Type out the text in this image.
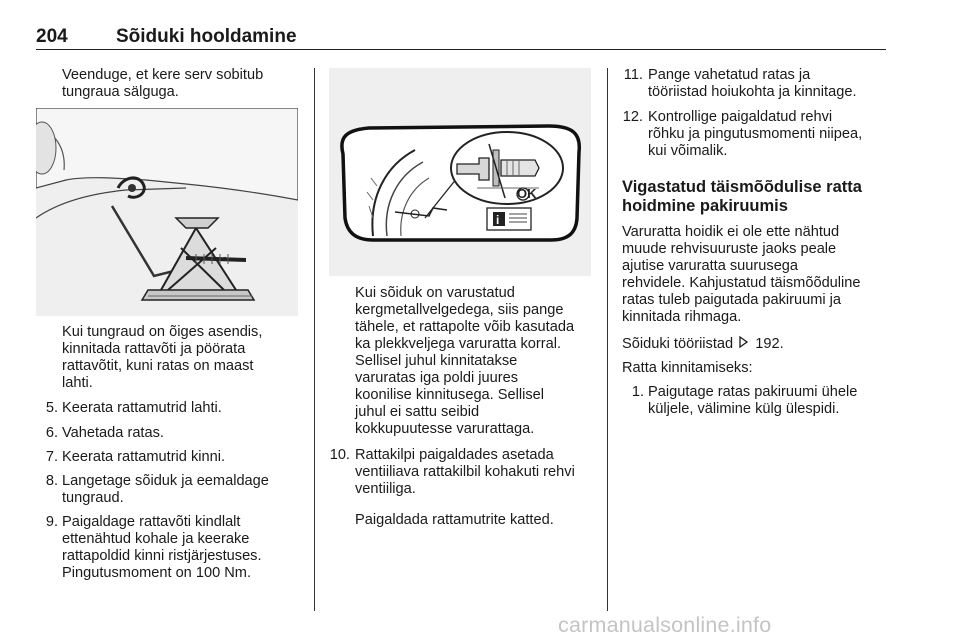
204	Sõiduki hooldamine
Veenduge, et kere serv sobitub
tungraua sälguga.
Kui tungraud on õiges asendis,
kinnitada rattavõti ja pöörata
rattavõtit, kuni ratas on maast
lahti.
5. Keerata rattamutrid lahti.
6. Vahetada ratas.
7. Keerata rattamutrid kinni.
8. Langetage sõiduk ja eemaldage
tungraud.
9. Paigaldage rattavõti kindlalt
ettenähtud kohale ja keerake
rattapoldid kinni ristjärjestuses.
Pingutusmoment on 100 Nm.
OK
i
Kui sõiduk on varustatud
kergmetallvelgedega, siis pange
tähele, et rattapolte võib kasutada
ka plekkveljega varuratta korral.
Sellisel juhul kinnitatakse
varuratas iga poldi juures
koonilise kinnitusega. Sellisel
juhul ei sattu seibid
kokkupuutesse varurattaga.
10. Rattakilpi paigaldades asetada
ventiiliava rattakilbil kohakuti rehvi
ventiiliga.
Paigaldada rattamutrite katted.
11. Pange vahetatud ratas ja
tööriistad hoiukohta ja kinnitage.
12. Kontrollige paigaldatud rehvi
rõhku ja pingutusmomenti niipea,
kui võimalik.
Vigastatud täismõõdulise ratta
hoidmine pakiruumis
Varuratta hoidik ei ole ette nähtud
muude rehvisuuruste jaoks peale
ajutise varuratta suurusega
rehvidele. Kahjustatud täismõõduline
ratas tuleb paigutada pakiruumi ja
kinnitada rihmaga.
Sõiduki tööriistad 192.
Ratta kinnitamiseks:
1. Paigutage ratas pakiruumi ühele
küljele, välimine külg ülespidi.
carmanualsonline.info
